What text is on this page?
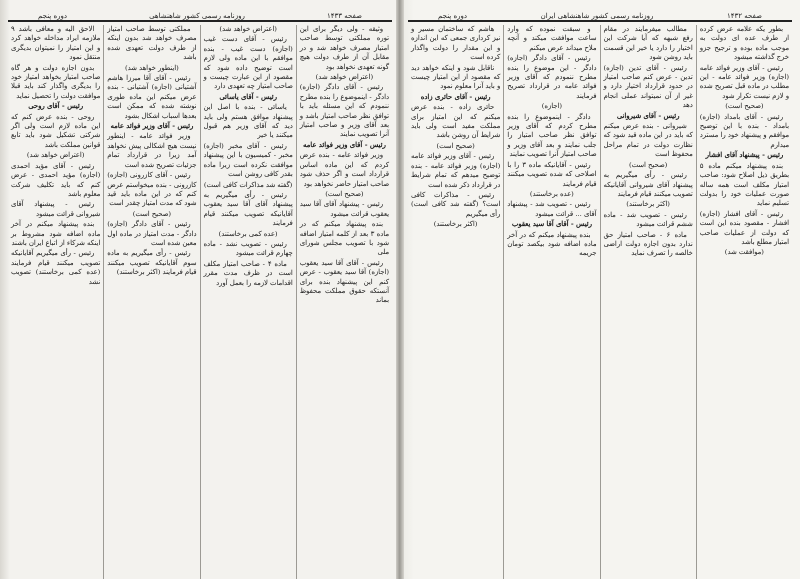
صفحه ۱۴۳۳
روزنامه رسمی کشور شاهنشاهی
دوره پنجم

وثیقه - ولی دیگر برای این توره مملکتی توسط صاحب امتیاز مصرف خواهد شد و در مقابل آن از طرف دولت هیچ گونه تعهدی نخواهد بود

(اعتراض خواهد شد)

رئیس - آقای دادگر (اجازه) دادگر - اینموضوع را بنده مطرح ننمودم که این مسئله باید با توافق نظر صاحب امتیاز باشد و بعد آقای وزیر و صاحب امتیاز آنرا تصویب نمایند

رئیس - آقای وزیر فوائد عامه

وزیر فوائد عامه - بنده عرض کردم که این ماده اساس قرارداد است و اگر حذف شود صاحب امتیاز حاضر نخواهد بود

(صحیح است)

رئیس - پیشنهاد آقای آقا سید یعقوب قرائت میشود

بنده پیشنهاد میکنم که در ماده ۳ بعد از کلمه امتیاز اضافه شود با تصویب مجلس شورای ملی

رئیس - آقای آقا سید یعقوب (اجازه) آقا سید یعقوب - عرض کنم این پیشنهاد بنده برای آنستکه حقوق مملکت محفوظ بماند

(اعتراض خواهد شد)

رئیس - آقای دست غیب (اجازه) دست غیب - بنده موافقم با این ماده ولی لازم است توضیح داده شود که مقصود از این عبارت چیست و صاحب امتیاز چه تعهدی دارد

رئیس - آقای یاسائی

یاسائی - بنده با اصل این پیشنهاد موافق هستم ولی باید دید که آقای وزیر هم قبول میکنند یا خیر

رئیس - آقای مخبر (اجازه) مخبر - کمیسیون با این پیشنهاد موافقت نکرده است زیرا ماده بقدر کافی روشن است

(گفته شد مذاکرات کافی است)

رئیس - رأی میگیریم به پیشنهاد آقای آقا سید یعقوب آقایانیکه تصویب میکنند قیام فرمایند

(عده کمی برخاستند)

رئیس - تصویب نشد - ماده چهارم قرائت میشود

ماده ۴ - صاحب امتیاز مکلف است در ظرف مدت مقرر اقدامات لازمه را بعمل آورد

مملکتی توسط صاحب امتیاز مصرف خواهد شد بدون اینکه از طرف دولت تعهدی شده باشد

(اینطور خواهد شد)

رئیس - آقای آقا میرزا هاشم آشتیانی (اجازه) آشتیانی - بنده عرض میکنم این ماده طوری نوشته شده که ممکن است بعدها اسباب اشکال بشود

رئیس - آقای وزیر فوائد عامه

وزیر فوائد عامه - اینطور نیست هیچ اشکالی پیش نخواهد آمد زیرا در قرارداد تمام جزئیات تصریح شده است

رئیس - آقای کازرونی (اجازه) کازرونی - بنده میخواستم عرض کنم که در این ماده باید قید شود که مدت امتیاز چقدر است

(صحیح است)

رئیس - آقای دادگر (اجازه) دادگر - مدت امتیاز در ماده اول معین شده است

رئیس - رأی میگیریم به ماده سوم آقایانیکه تصویب میکنند قیام فرمایند (اکثر برخاستند)

الاحق الیه و معافی باشد ۹ ملازمه ایراد مداخله خواهد کرد و این امتیاز را نمیتوان بدیگری منتقل نمود

بدون اجازه دولت و هر گاه صاحب امتیاز بخواهد امتیاز خود را بدیگری واگذار کند باید قبلا موافقت دولت را تحصیل نماید

رئیس - آقای روحی

روحی - بنده عرض کنم که این ماده لازم است ولی اگر شرکتی تشکیل شود باید تابع قوانین مملکت باشد

(اعتراض خواهد شد)

رئیس - آقای مؤید احمدی (اجازه) مؤید احمدی - عرض کنم که باید تکلیف شرکت معلوم باشد

رئیس - پیشنهاد آقای شیروانی قرائت میشود

بنده پیشنهاد میکنم در آخر ماده اضافه شود مشروط بر اینکه شرکاء از اتباع ایران باشند

رئیس - رأی میگیریم آقایانیکه تصویب میکنند قیام فرمایند (عده کمی برخاستند) تصویب نشد

صفحه ۱۴۳۲
روزنامه رسمی کشور شاهنشاهی ایران
دوره پنجم

بطور یکه علامه عرض کرده از طرف عده ای دولت به موجب ماده بوده و ترجیح جزو خرج گذاشته میشود

رئیس - آقای وزیر فوائد عامه (اجازه) وزیر فوائد عامه - این مطلب در ماده قبل تصریح شده و لازم نیست تکرار شود

(صحیح است)

رئیس - آقای بامداد (اجازه) بامداد - بنده با این توضیح موافقم و پیشنهاد خود را مسترد میدارم

رئیس - پیشنهاد آقای افشار

بنده پیشنهاد میکنم ماده ۵ بطریق ذیل اصلاح شود: صاحب امتیاز مکلف است همه ساله صورت عملیات خود را بدولت تسلیم نماید

رئیس - آقای افشار (اجازه) افشار - مقصود بنده این است که دولت از عملیات صاحب امتیاز مطلع باشد

(موافقت شد)

مطالب میفرمایند در مقام رفع شبهه که آیا شرکت این اختیار را دارد یا خیر این قسمت باید روشن شود

رئیس - آقای تدین (اجازه) تدین - عرض کنم صاحب امتیاز در حدود قرارداد اختیار دارد و غیر از آن نمیتواند عملی انجام دهد

رئیس - آقای شیروانی

شیروانی - بنده عرض میکنم که باید در این ماده قید شود که نظارت دولت در تمام مراحل محفوظ است

(صحیح است)

رئیس - رأی میگیریم به پیشنهاد آقای شیروانی آقایانیکه تصویب میکنند قیام فرمایند

(اکثر برخاستند)

رئیس - تصویب شد - ماده ششم قرائت میشود

ماده ۶ - صاحب امتیاز حق ندارد بدون اجازه دولت اراضی خالصه را تصرف نماید

و سبقت نموده که وارد ساعت موافقت میکند و آنچه ملاح میداند عرض میکنم

رئیس - آقای دادگر (اجازه) دادگر - این موضوع را بنده مطرح ننمودم که آقای وزیر فوائد عامه در قرارداد تصریح فرمایند

(اجازه)

دادگر - اینموضوع را بنده مطرح کردم که آقای وزیر توافق نظر صاحب امتیاز را جلب نمایند و بعد آقای وزیر و صاحب امتیاز آنرا تصویب نمایند

رئیس - آقایانیکه ماده ۳ را با اصلاحی که شده تصویب میکنند قیام فرمایند

(عده برخاستند)

رئیس - تصویب شد - پیشنهاد آقای ... قرائت میشود

رئیس - آقای آقا سید یعقوب

بنده پیشنهاد میکنم که در آخر ماده اضافه شود بیکصد تومان جریمه

هاشم که ساختمان مسیر و نیز کرداری جمعی که این اندازه و این مقدار را دولت واگذار کرده است

ناقابل شود و اینکه خواهد دید که مقصود از این امتیاز چیست و باید آنرا معلوم نمود

رئیس - آقای حائری زاده

حائری زاده - بنده عرض میکنم که این امتیاز برای مملکت مفید است ولی باید شرایط آن روشن باشد

(صحیح است)

رئیس - آقای وزیر فوائد عامه (اجازه) وزیر فوائد عامه - بنده توضیح میدهم که تمام شرایط در قرارداد ذکر شده است

رئیس - مذاکرات کافی است؟ (گفته شد کافی است) رأی میگیریم

(اکثر برخاستند)
